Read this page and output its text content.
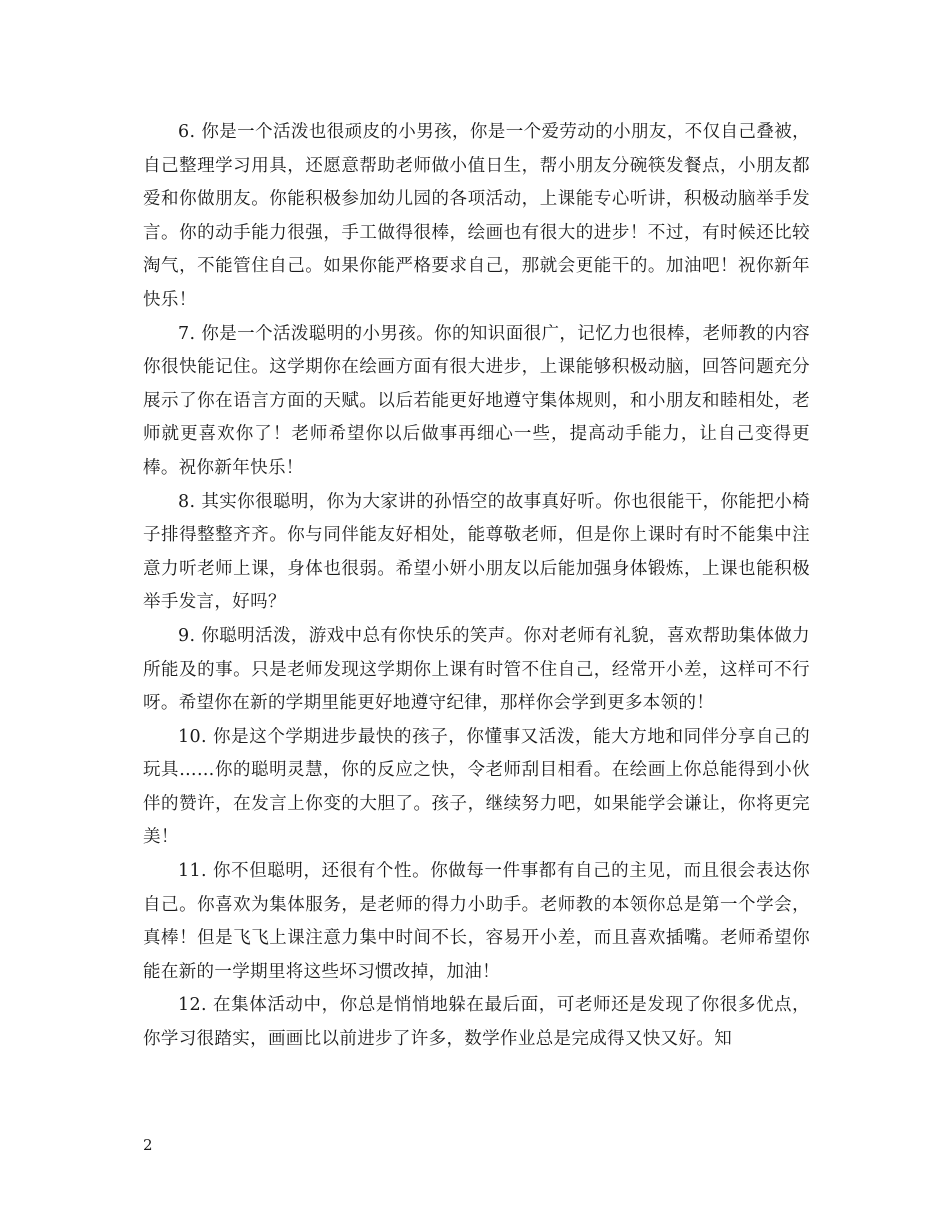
6. 你是一个活泼也很顽皮的小男孩，你是一个爱劳动的小朋友，不仅自己叠被，自己整理学习用具，还愿意帮助老师做小值日生，帮小朋友分碗筷发餐点，小朋友都爱和你做朋友。你能积极参加幼儿园的各项活动，上课能专心听讲，积极动脑举手发言。你的动手能力很强，手工做得很棒，绘画也有很大的进步！不过，有时候还比较淘气，不能管住自己。如果你能严格要求自己，那就会更能干的。加油吧！祝你新年快乐！

7. 你是一个活泼聪明的小男孩。你的知识面很广，记忆力也很棒，老师教的内容你很快能记住。这学期你在绘画方面有很大进步，上课能够积极动脑，回答问题充分展示了你在语言方面的天赋。以后若能更好地遵守集体规则，和小朋友和睦相处，老师就更喜欢你了！老师希望你以后做事再细心一些，提高动手能力，让自己变得更棒。祝你新年快乐！

8. 其实你很聪明，你为大家讲的孙悟空的故事真好听。你也很能干，你能把小椅子排得整整齐齐。你与同伴能友好相处，能尊敬老师，但是你上课时有时不能集中注意力听老师上课，身体也很弱。希望小妍小朋友以后能加强身体锻炼，上课也能积极举手发言，好吗？

9. 你聪明活泼，游戏中总有你快乐的笑声。你对老师有礼貌，喜欢帮助集体做力所能及的事。只是老师发现这学期你上课有时管不住自己，经常开小差，这样可不行呀。希望你在新的学期里能更好地遵守纪律，那样你会学到更多本领的！

10. 你是这个学期进步最快的孩子，你懂事又活泼，能大方地和同伴分享自己的玩具……你的聪明灵慧，你的反应之快，令老师刮目相看。在绘画上你总能得到小伙伴的赞许，在发言上你变的大胆了。孩子，继续努力吧，如果能学会谦让，你将更完美！

11. 你不但聪明，还很有个性。你做每一件事都有自己的主见，而且很会表达你自己。你喜欢为集体服务，是老师的得力小助手。老师教的本领你总是第一个学会，真棒！但是飞飞上课注意力集中时间不长，容易开小差，而且喜欢插嘴。老师希望你能在新的一学期里将这些坏习惯改掉，加油！

12. 在集体活动中，你总是悄悄地躲在最后面，可老师还是发现了你很多优点，你学习很踏实，画画比以前进步了许多，数学作业总是完成得又快又好。知

2
